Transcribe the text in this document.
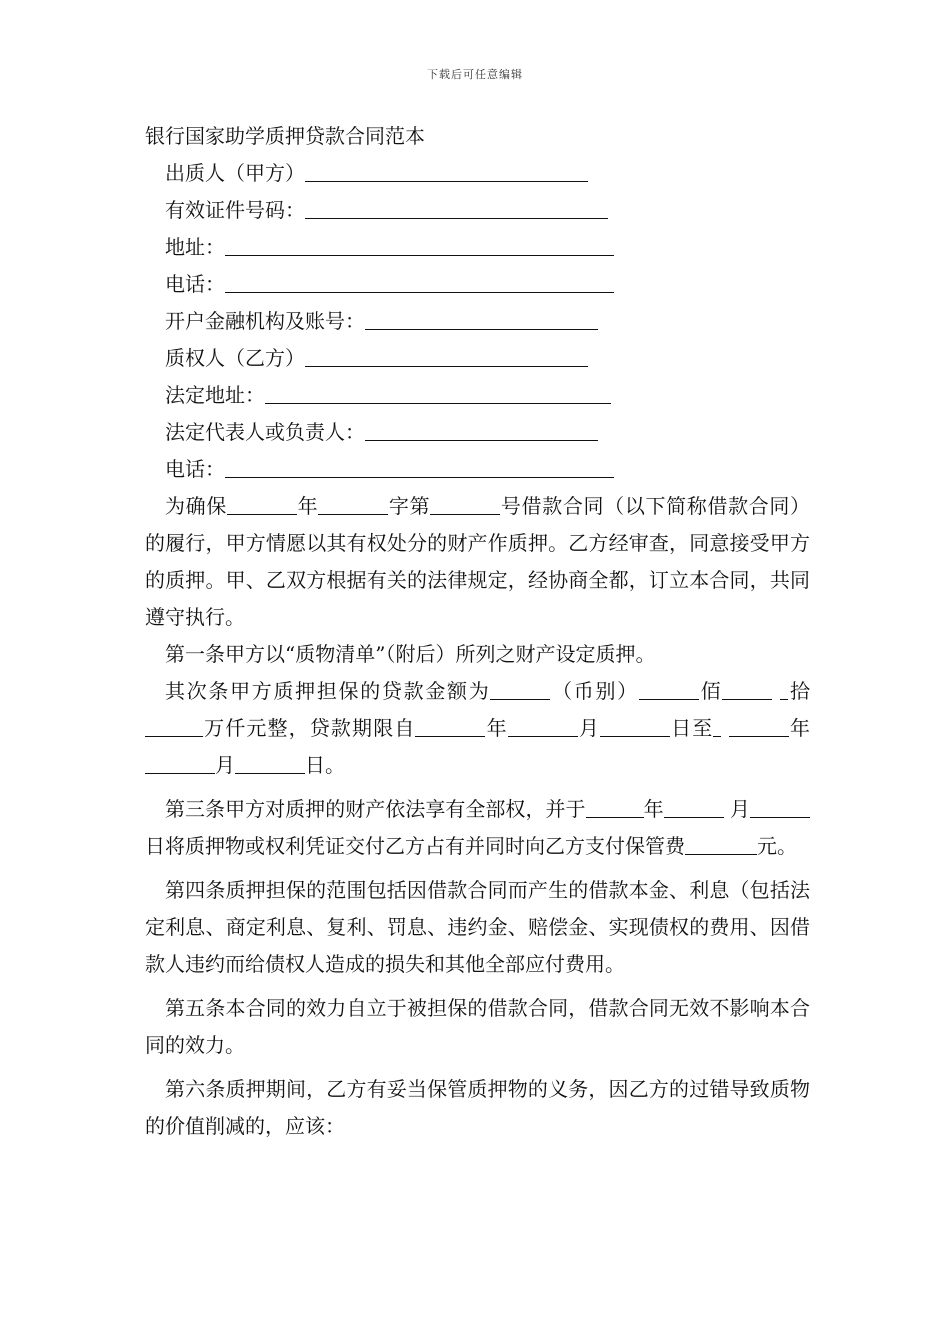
下载后可任意编辑
银行国家助学质押贷款合同范本
出质人（甲方）
有效证件号码：
地址：
电话：
开户金融机构及账号：
质权人（乙方）
法定地址：
法定代表人或负责人：
电话：

为确保	年	字第	号借款合同（以下简称借款合同）的履行，甲方情愿以其有权处分的财产作质押。乙方经审查，同意接受甲方的质押。甲、乙双方根据有关的法律规定，经协商全都，订立本合同，共同遵守执行。

第一条甲方以“质物清单”（附后）所列之财产设定质押。

其次条甲方质押担保的贷款金额为	（币别）	佰	拾万仟元整，贷款期限自	年	月	日至	年月	日。

第三条甲方对质押的财产依法享有全部权，并于	年	月日将质押物或权利凭证交付乙方占有并同时向乙方支付保管费	元。

第四条质押担保的范围包括因借款合同而产生的借款本金、利息（包括法定利息、商定利息、复利、罚息、违约金、赔偿金、实现债权的费用、因借款人违约而给债权人造成的损失和其他全部应付费用。

第五条本合同的效力自立于被担保的借款合同，借款合同无效不影响本合同的效力。

第六条质押期间，乙方有妥当保管质押物的义务，因乙方的过错导致质物的价值削减的，应该：
